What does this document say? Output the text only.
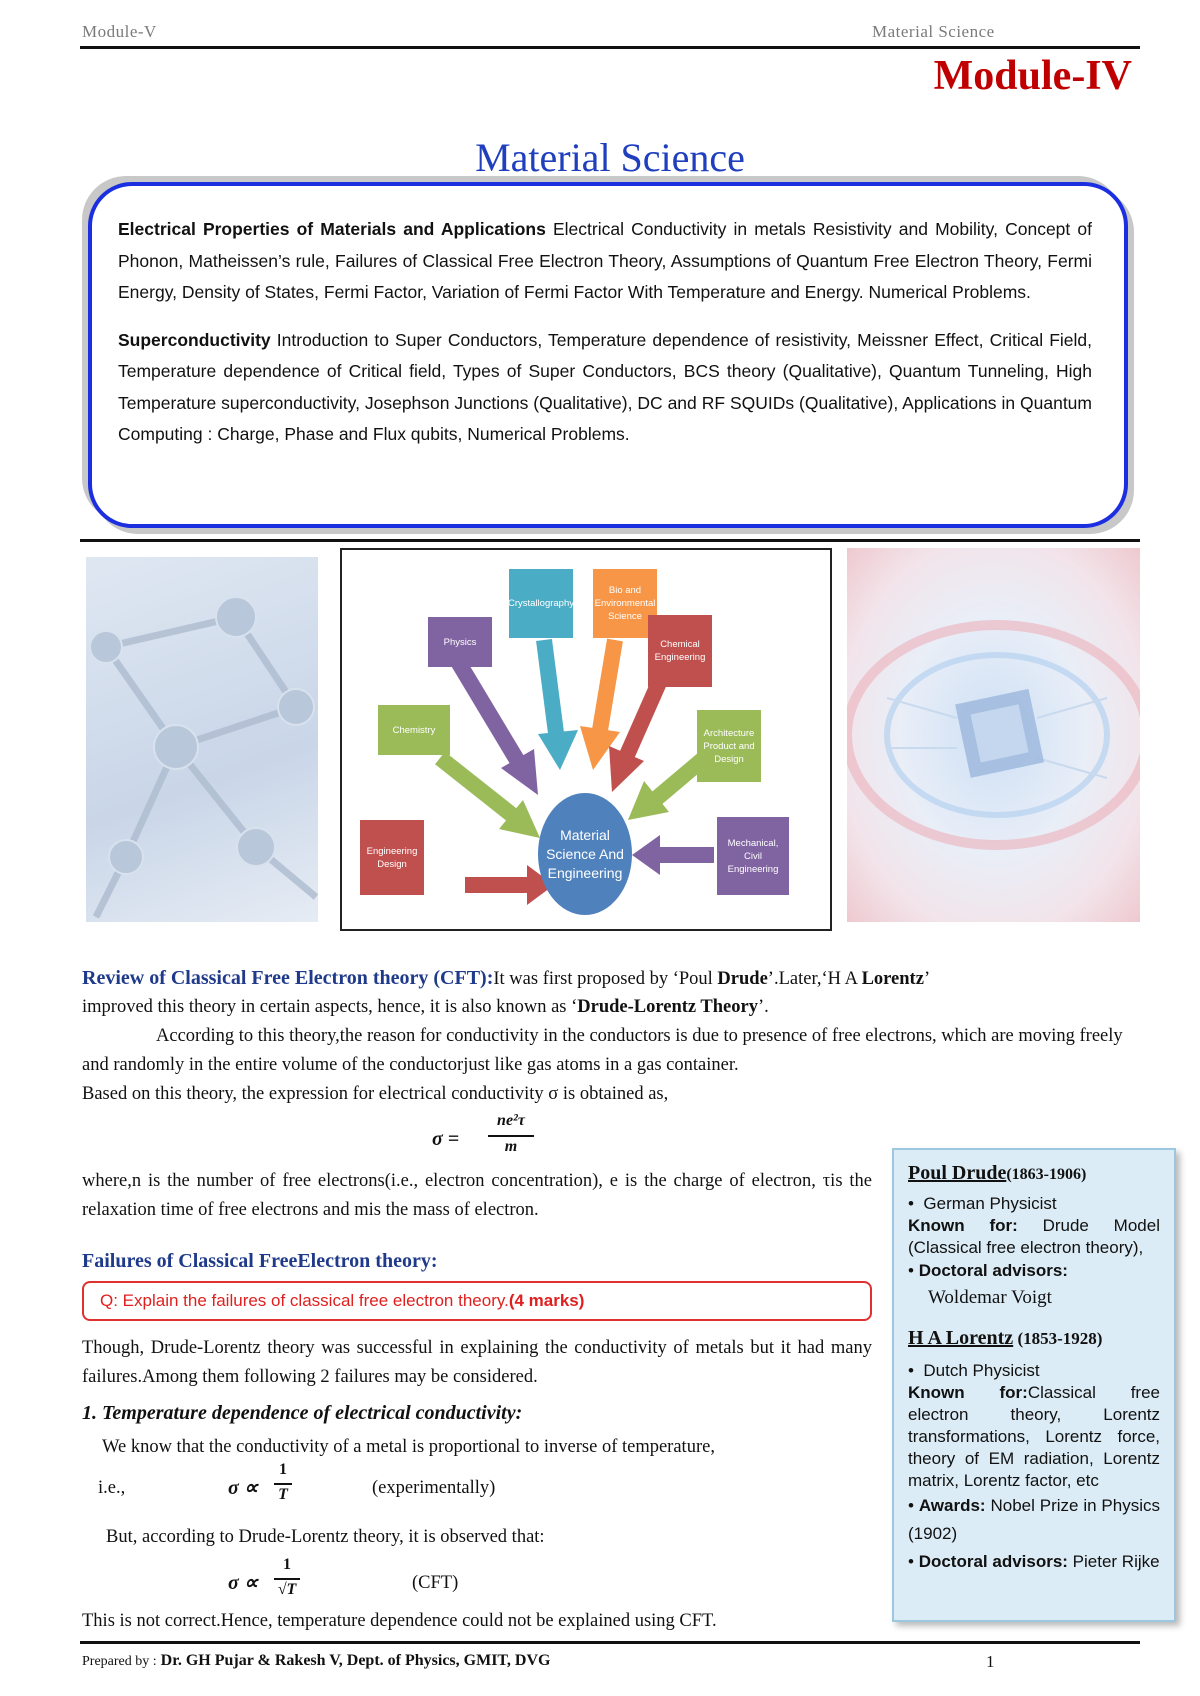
Module-V	Material Science
Module-IV
Material Science

Electrical Properties of Materials and Applications Electrical Conductivity in metals Resistivity and Mobility, Concept of Phonon, Matheissen’s rule, Failures of Classical Free Electron Theory, Assumptions of Quantum Free Electron Theory, Fermi Energy, Density of States, Fermi Factor, Variation of Fermi Factor With Temperature and Energy. Numerical Problems.

Superconductivity Introduction to Super Conductors, Temperature dependence of resistivity, Meissner Effect, Critical Field, Temperature dependence of Critical field, Types of Super Conductors, BCS theory (Qualitative), Quantum Tunneling, High Temperature superconductivity, Josephson Junctions (Qualitative), DC and RF SQUIDs (Qualitative), Applications in Quantum Computing : Charge, Phase and Flux qubits, Numerical Problems.

Engineering Design
Chemistry
Physics
Crystallography
Bio and Environmental Science
Chemical Engineering
Architecture Product and Design
Mechanical, Civil Engineering
Material Science And Engineering
Review of Classical Free Electron theory (CFT):It was first proposed by ‘Poul Drude’.Later,‘H A Lorentz’
improved this theory in certain aspects, hence, it is also known as ‘Drude-Lorentz Theory’.
According to this theory,the reason for conductivity in the conductors is due to presence of free electrons, which are moving freely and randomly in the entire volume of the conductorjust like gas atoms in a gas container.
Based on this theory, the expression for electrical conductivity σ is obtained as,
σ =
ne²τ
m
where,n is the number of free electrons(i.e., electron concentration), e is the charge of electron, τis the relaxation time of free electrons and mis the mass of electron.
Failures of Classical FreeElectron theory:
Q: Explain the failures of classical free electron theory.(4 marks)
Though, Drude-Lorentz theory was successful in explaining the conductivity of metals but it had many failures.Among them following 2 failures may be considered.
1. Temperature dependence of electrical conductivity:
We know that the conductivity of a metal is proportional to inverse of temperature,
i.e.,	σ ∝
1
T	(experimentally)
But, according to Drude-Lorentz theory, it is observed that:
σ ∝
1
√T	(CFT)
This is not correct.Hence, temperature dependence could not be explained using CFT.

Poul Drude(1863-1906)

•  German Physicist

Known for: Drude Model (Classical free electron theory),

• Doctoral advisors:

Woldemar Voigt

H A Lorentz (1853-1928)

•  Dutch Physicist

Known for:Classical free electron theory, Lorentz transformations, Lorentz force, theory of EM radiation, Lorentz matrix, Lorentz factor, etc

• Awards: Nobel Prize in Physics (1902)

• Doctoral advisors: Pieter Rijke

Prepared by : Dr. GH Pujar & Rakesh V, Dept. of Physics, GMIT, DVG	1
